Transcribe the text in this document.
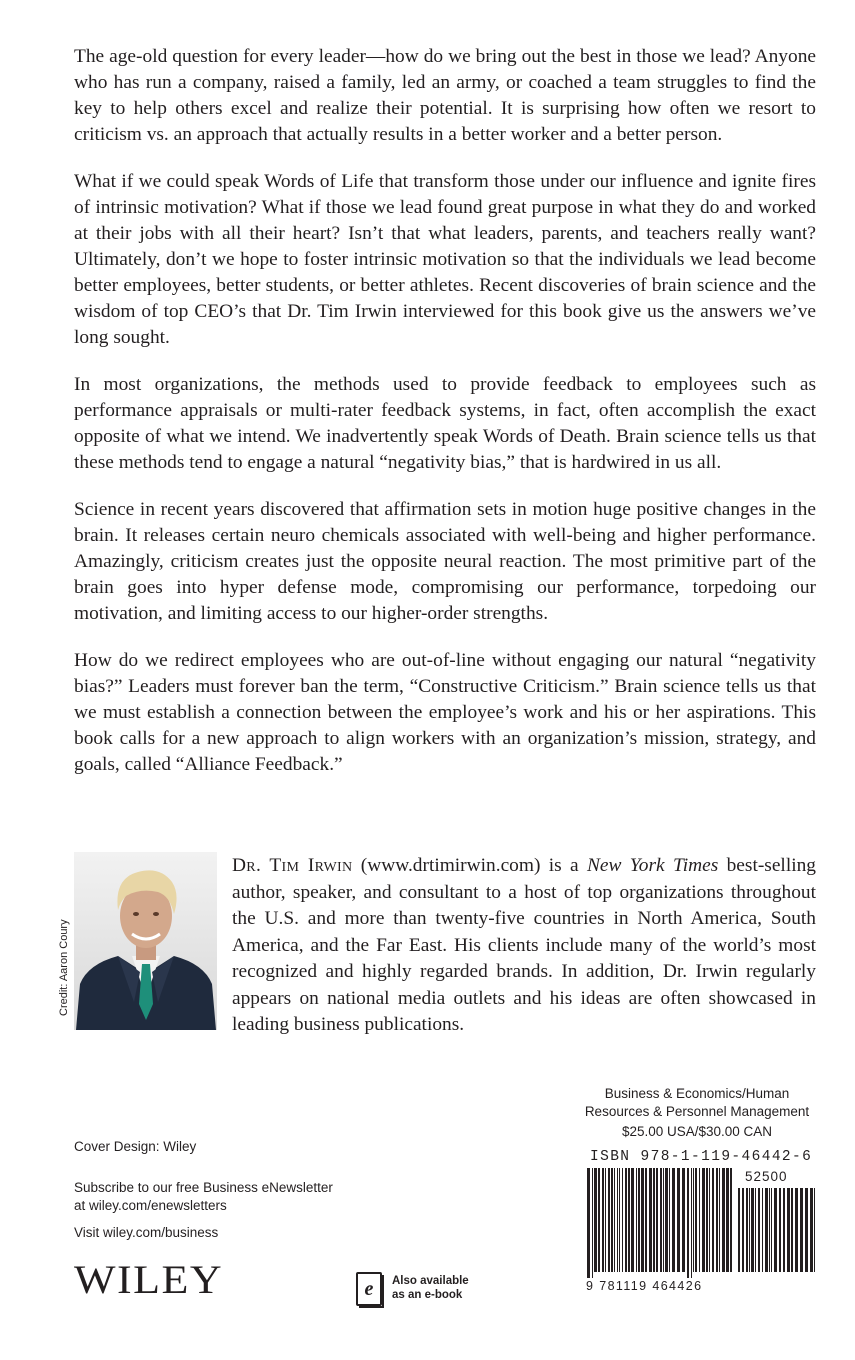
The age-old question for every leader—how do we bring out the best in those we lead? Anyone who has run a company, raised a family, led an army, or coached a team struggles to find the key to help others excel and realize their potential. It is surprising how often we resort to criticism vs. an approach that actually results in a better worker and a better person.

What if we could speak Words of Life that transform those under our influence and ignite fires of intrinsic motivation? What if those we lead found great purpose in what they do and worked at their jobs with all their heart? Isn’t that what leaders, parents, and teachers really want? Ultimately, don’t we hope to foster intrinsic motivation so that the individuals we lead become better employees, better students, or better athletes. Recent discoveries of brain science and the wisdom of top CEO’s that Dr. Tim Irwin interviewed for this book give us the answers we’ve long sought.

In most organizations, the methods used to provide feedback to employees such as performance appraisals or multi-rater feedback systems, in fact, often accomplish the exact opposite of what we intend. We inadvertently speak Words of Death. Brain science tells us that these methods tend to engage a natural “negativity bias,” that is hardwired in us all.

Science in recent years discovered that affirmation sets in motion huge positive changes in the brain. It releases certain neuro chemicals associated with well-being and higher performance. Amazingly, criticism creates just the opposite neural reaction. The most primitive part of the brain goes into hyper defense mode, compromising our performance, torpedoing our motivation, and limiting access to our higher-order strengths.

How do we redirect employees who are out-of-line without engaging our natural “negativity bias?” Leaders must forever ban the term, “Constructive Criticism.” Brain science tells us that we must establish a connection between the employee’s work and his or her aspirations. This book calls for a new approach to align workers with an organization’s mission, strategy, and goals, called “Alliance Feedback.”

Credit: Aaron Coury

Dr. Tim Irwin (www.drtimirwin.com) is a New York Times best-selling author, speaker, and consultant to a host of top organizations throughout the U.S. and more than twenty-five countries in North America, South America, and the Far East. His clients include many of the world’s most recognized and highly regarded brands. In addition, Dr. Irwin regularly appears on national media outlets and his ideas are often showcased in leading business publications.

Business & Economics/Human
Resources & Personnel Management
$25.00 USA/$30.00 CAN
Cover Design: Wiley
Subscribe to our free Business eNewsletter
at wiley.com/enewsletters
Visit wiley.com/business
WILEY	e Also available
as an e-book
ISBN 978-1-119-46442-6
52500
9 781119 464426
